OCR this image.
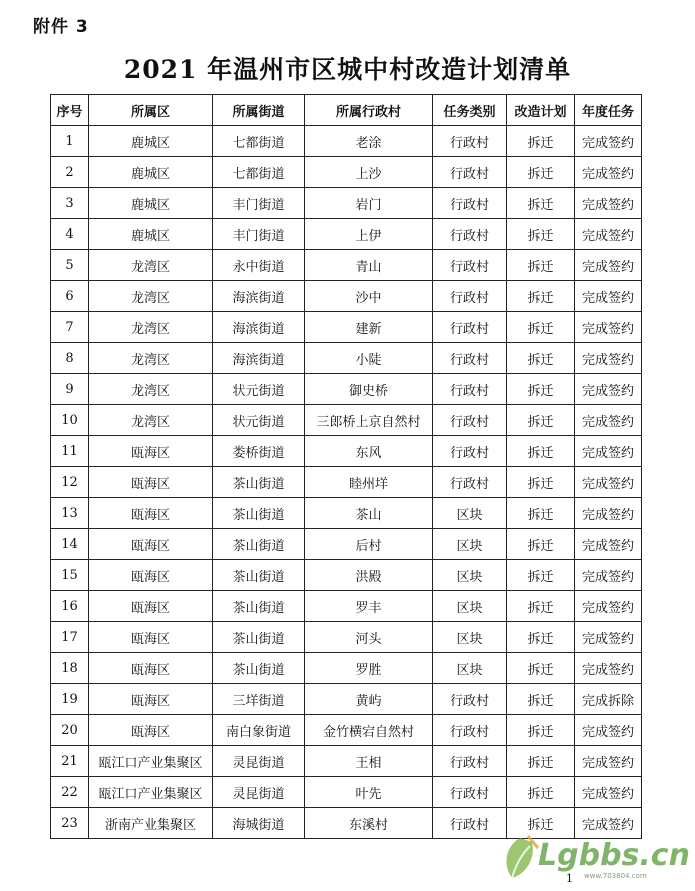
附件 3
2021 年温州市区城中村改造计划清单
序号	所属区	所属街道	所属行政村	任务类别	改造计划	年度任务
1	鹿城区	七都街道	老涂	行政村	拆迁	完成签约
2	鹿城区	七都街道	上沙	行政村	拆迁	完成签约
3	鹿城区	丰门街道	岩门	行政村	拆迁	完成签约
4	鹿城区	丰门街道	上伊	行政村	拆迁	完成签约
5	龙湾区	永中街道	青山	行政村	拆迁	完成签约
6	龙湾区	海滨街道	沙中	行政村	拆迁	完成签约
7	龙湾区	海滨街道	建新	行政村	拆迁	完成签约
8	龙湾区	海滨街道	小陡	行政村	拆迁	完成签约
9	龙湾区	状元街道	御史桥	行政村	拆迁	完成签约
10	龙湾区	状元街道	三郎桥上京自然村	行政村	拆迁	完成签约
11	瓯海区	娄桥街道	东风	行政村	拆迁	完成签约
12	瓯海区	茶山街道	睦州垟	行政村	拆迁	完成签约
13	瓯海区	茶山街道	茶山	区块	拆迁	完成签约
14	瓯海区	茶山街道	后村	区块	拆迁	完成签约
15	瓯海区	茶山街道	洪殿	区块	拆迁	完成签约
16	瓯海区	茶山街道	罗丰	区块	拆迁	完成签约
17	瓯海区	茶山街道	河头	区块	拆迁	完成签约
18	瓯海区	茶山街道	罗胜	区块	拆迁	完成签约
19	瓯海区	三垟街道	黄屿	行政村	拆迁	完成拆除
20	瓯海区	南白象街道	金竹横宕自然村	行政村	拆迁	完成签约
21	瓯江口产业集聚区	灵昆街道	王相	行政村	拆迁	完成签约
22	瓯江口产业集聚区	灵昆街道	叶先	行政村	拆迁	完成签约
23	浙南产业集聚区	海城街道	东溪村	行政村	拆迁	完成签约
1
Lgbbs.cn
www.703804.com
